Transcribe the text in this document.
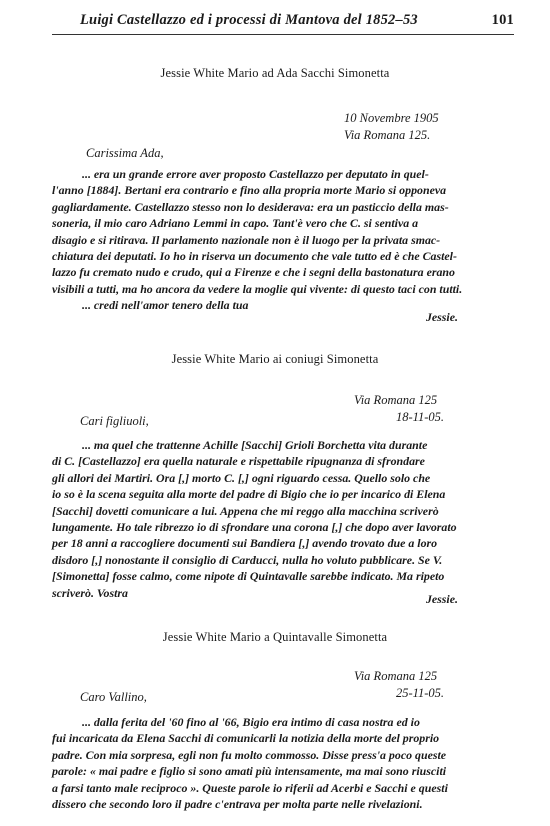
Luigi Castellazzo ed i processi di Mantova del 1852–53	101
Jessie White Mario ad Ada Sacchi Simonetta
10 Novembre 1905
Via Romana 125.
Carissima Ada,
... era un grande errore aver proposto Castellazzo per deputato in quel-
l'anno [1884]. Bertani era contrario e fino alla propria morte Mario si opponeva
gagliardamente. Castellazzo stesso non lo desiderava: era un pasticcio della mas-
soneria, il mio caro Adriano Lemmi in capo. Tant'è vero che C. si sentiva a
disagio e si ritirava. Il parlamento nazionale non è il luogo per la privata smac-
chiatura dei deputati. Io ho in riserva un documento che vale tutto ed è che Castel-
lazzo fu cremato nudo e crudo, qui a Firenze e che i segni della bastonatura erano
visibili a tutti, ma ho ancora da vedere la moglie qui vivente: di questo taci con tutti.
... credi nell'amor tenero della tua
Jessie.
Jessie White Mario ai coniugi Simonetta
Via Romana 125
18-11-05.
Cari figliuoli,
... ma quel che trattenne Achille [Sacchi] Grioli Borchetta vita durante
di C. [Castellazzo] era quella naturale e rispettabile ripugnanza di sfrondare
gli allori dei Martiri. Ora [,] morto C. [,] ogni riguardo cessa. Quello solo che
io so è la scena seguita alla morte del padre di Bigio che io per incarico di Elena
[Sacchi] dovetti comunicare a lui. Appena che mi reggo alla macchina scriverò
lungamente. Ho tale ribrezzo io di sfrondare una corona [,] che dopo aver lavorato
per 18 anni a raccogliere documenti sui Bandiera [,] avendo trovato due a loro
disdoro [,] nonostante il consiglio di Carducci, nulla ho voluto pubblicare. Se V.
[Simonetta] fosse calmo, come nipote di Quintavalle sarebbe indicato. Ma ripeto
scriverò. Vostra	Jessie.
Jessie White Mario a Quintavalle Simonetta
Via Romana 125
25-11-05.
Caro Vallino,
... dalla ferita del '60 fino al '66, Bigio era intimo di casa nostra ed io
fui incaricata da Elena Sacchi di comunicarli la notizia della morte del proprio
padre. Con mia sorpresa, egli non fu molto commosso. Disse press'a poco queste
parole: « mai padre e figlio si sono amati più intensamente, ma mai sono riusciti
a farsi tanto male reciproco ». Queste parole io riferii ad Acerbi e Sacchi e questi
dissero che secondo loro il padre c'entrava per molta parte nelle rivelazioni.
